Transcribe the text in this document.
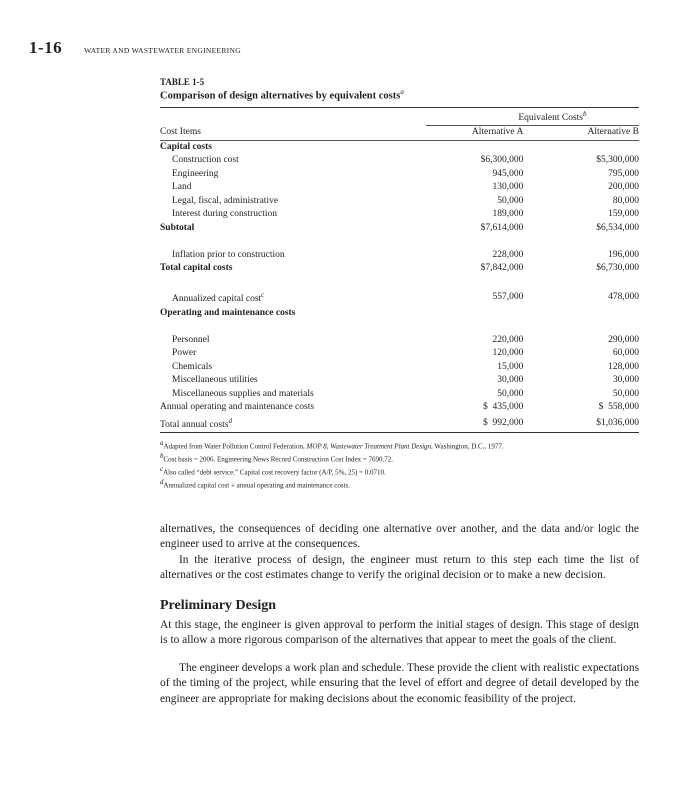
1-16	WATER AND WASTEWATER ENGINEERING
TABLE 1-5
Comparison of design alternatives by equivalent costs$^a$
	Equivalent Costs$^b$
Cost Items	Alternative A	Alternative B
Capital costs		
Construction cost	$6,300,000	$5,300,000
Engineering	945,000	795,000
Land	130,000	200,000
Legal, fiscal, administrative	50,000	80,000
Interest during construction	189,000	159,000
Subtotal	$7,614,000	$6,534,000

Inflation prior to construction	228,000	196,000
Total capital costs	$7,842,000	$6,730,000

Annualized capital cost$^c$	557,000	478,000
Operating and maintenance costs		

Personnel	220,000	290,000
Power	120,000	60,000
Chemicals	15,000	128,000
Miscellaneous utilities	30,000	30,000
Miscellaneous supplies and materials	50,000	50,000
Annual operating and maintenance costs	$  435,000	$  558,000
Total annual costs$^d$	$  992,000	$1,036,000
$^a$Adapted from Water Pollution Control Federation, MOP 8, Wastewater Treatment Plant Design, Washington, D.C., 1977.
$^b$Cost basis = 2006. Engineering News Record Construction Cost Index = 7690.72.
$^c$Also called “debt service.” Capital cost recovery factor (A/P, 5%, 25) = 0.0710.
$^d$Annualized capital cost + annual operating and maintenance costs.
alternatives, the consequences of deciding one alternative over another, and the data and/or logic the engineer used to arrive at the consequences.
In the iterative process of design, the engineer must return to this step each time the list of alternatives or the cost estimates change to verify the original decision or to make a new decision.
Preliminary Design
At this stage, the engineer is given approval to perform the initial stages of design. This stage of design is to allow a more rigorous comparison of the alternatives that appear to meet the goals of the client.
The engineer develops a work plan and schedule. These provide the client with realistic expectations of the timing of the project, while ensuring that the level of effort and degree of detail developed by the engineer are appropriate for making decisions about the economic feasibility of the project.
